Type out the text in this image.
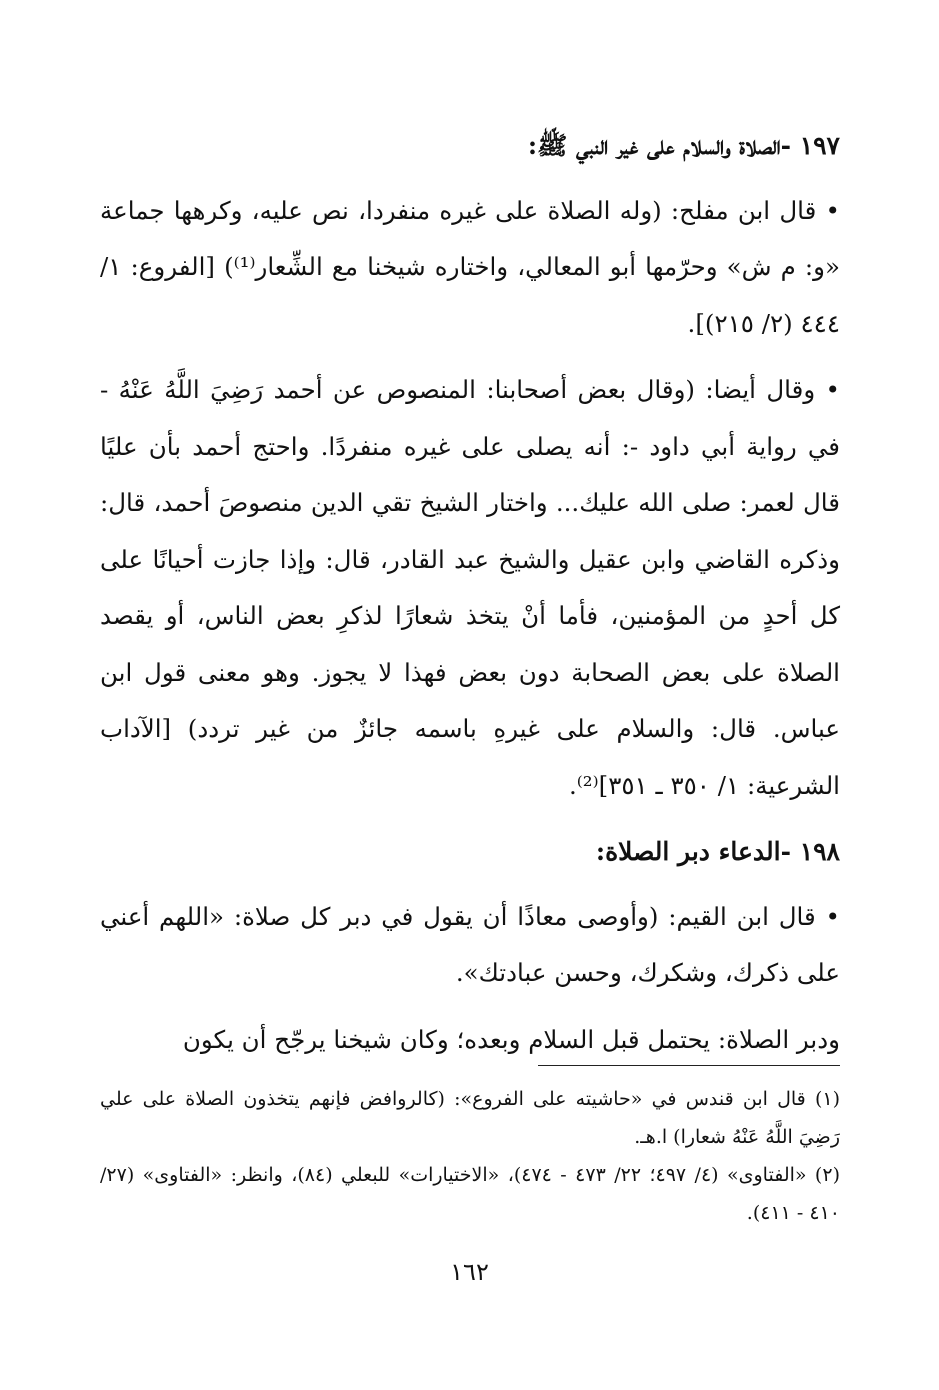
١٩٧ -الصلاة والسلام على غير النبي ﷺ:

• قال ابن مفلح: (وله الصلاة على غيره منفردا، نص عليه، وكرهها جماعة «و: م ش» وحرّمها أبو المعالي، واختاره شيخنا مع الشِّعار⁽¹⁾) [الفروع: ١/ ٤٤٤ (٢/ ٢١٥)].

• وقال أيضا: (وقال بعض أصحابنا: المنصوص عن أحمد رَضِيَ اللَّهُ عَنْهُ - في رواية أبي داود -: أنه يصلى على غيره منفردًا. واحتج أحمد بأن عليًا قال لعمر: صلى الله عليك... واختار الشيخ تقي الدين منصوصَ أحمد، قال: وذكره القاضي وابن عقيل والشيخ عبد القادر، قال: وإذا جازت أحيانًا على كل أحدٍ من المؤمنين، فأما أنْ يتخذ شعارًا لذكرِ بعض الناس، أو يقصد الصلاة على بعض الصحابة دون بعض فهذا لا يجوز. وهو معنى قول ابن عباس. قال: والسلام على غيرهِ باسمه جائزٌ من غير تردد) [الآداب الشرعية: ١/ ٣٥٠ ـ ٣٥١]⁽²⁾.

١٩٨ -الدعاء دبر الصلاة:

• قال ابن القيم: (وأوصى معاذًا أن يقول في دبر كل صلاة: «اللهم أعني على ذكرك، وشكرك، وحسن عبادتك».

ودبر الصلاة: يحتمل قبل السلام وبعده؛ وكان شيخنا يرجّح أن يكون

(١) قال ابن قندس في «حاشيته على الفروع»: (كالروافض فإنهم يتخذون الصلاة على علي رَضِيَ اللَّهُ عَنْهُ شعارا) ا.هـ.

(٢) «الفتاوى» (٤/ ٤٩٧؛ ٢٢/ ٤٧٣ - ٤٧٤)، «الاختيارات» للبعلي (٨٤)، وانظر: «الفتاوى» (٢٧/ ٤١٠ - ٤١١).

١٦٢
